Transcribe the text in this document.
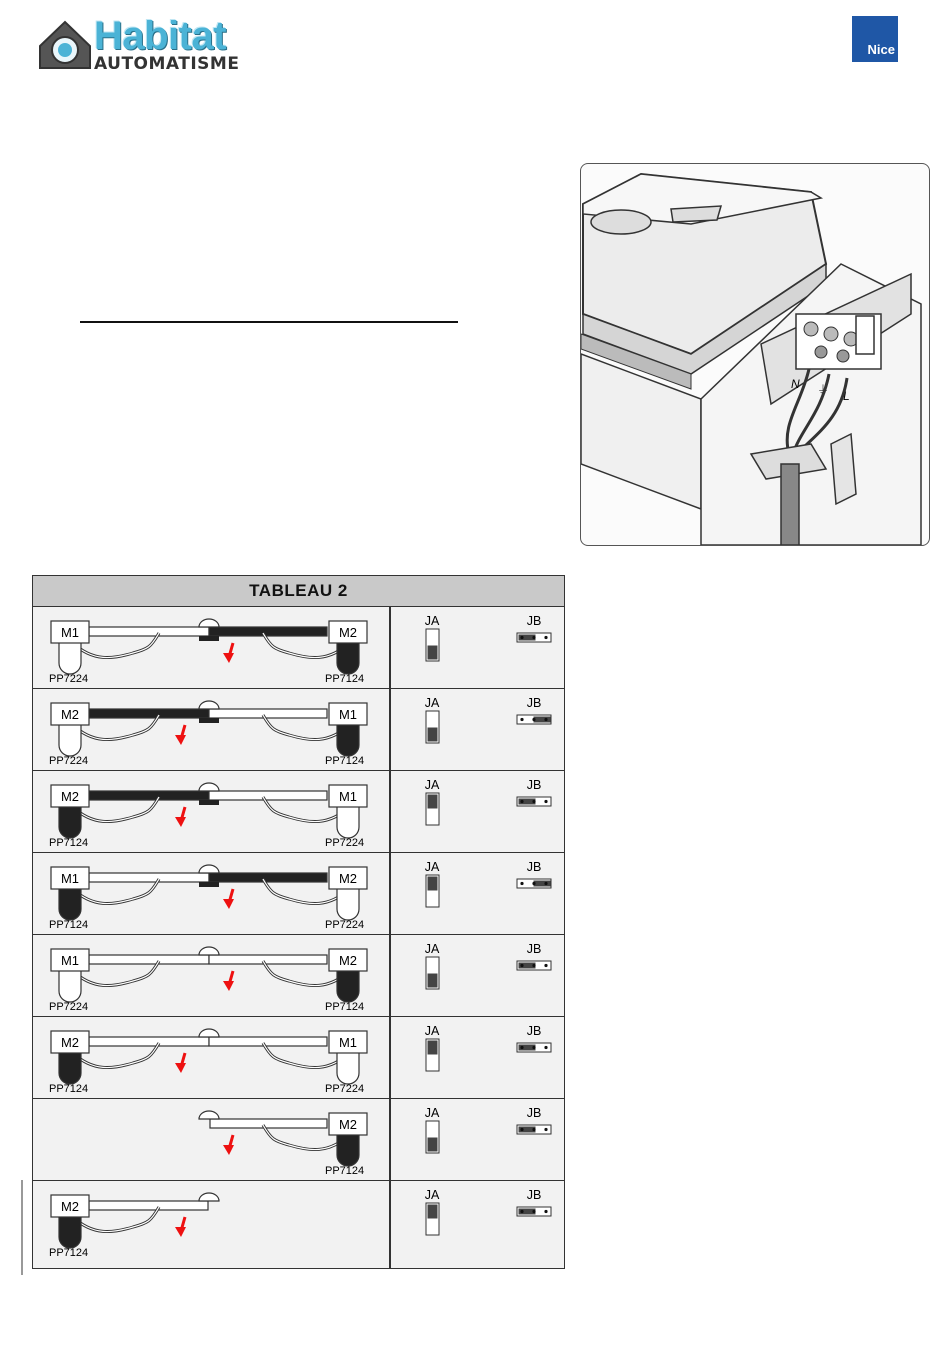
Habitat
AUTOMATISME
Nice
N ⏚ L
TABLEAU 2
M1
PP7224
M2
PP7124
JA	JB
M2
PP7224
M1
PP7124
JA	JB
M2
PP7124
M1
PP7224
JA	JB
M1
PP7124
M2
PP7224
JA	JB
M1
PP7224
M2
PP7124
JA	JB
M2
PP7124
M1
PP7224
JA	JB
M2
PP7124
JA	JB
M2
PP7124
JA	JB
